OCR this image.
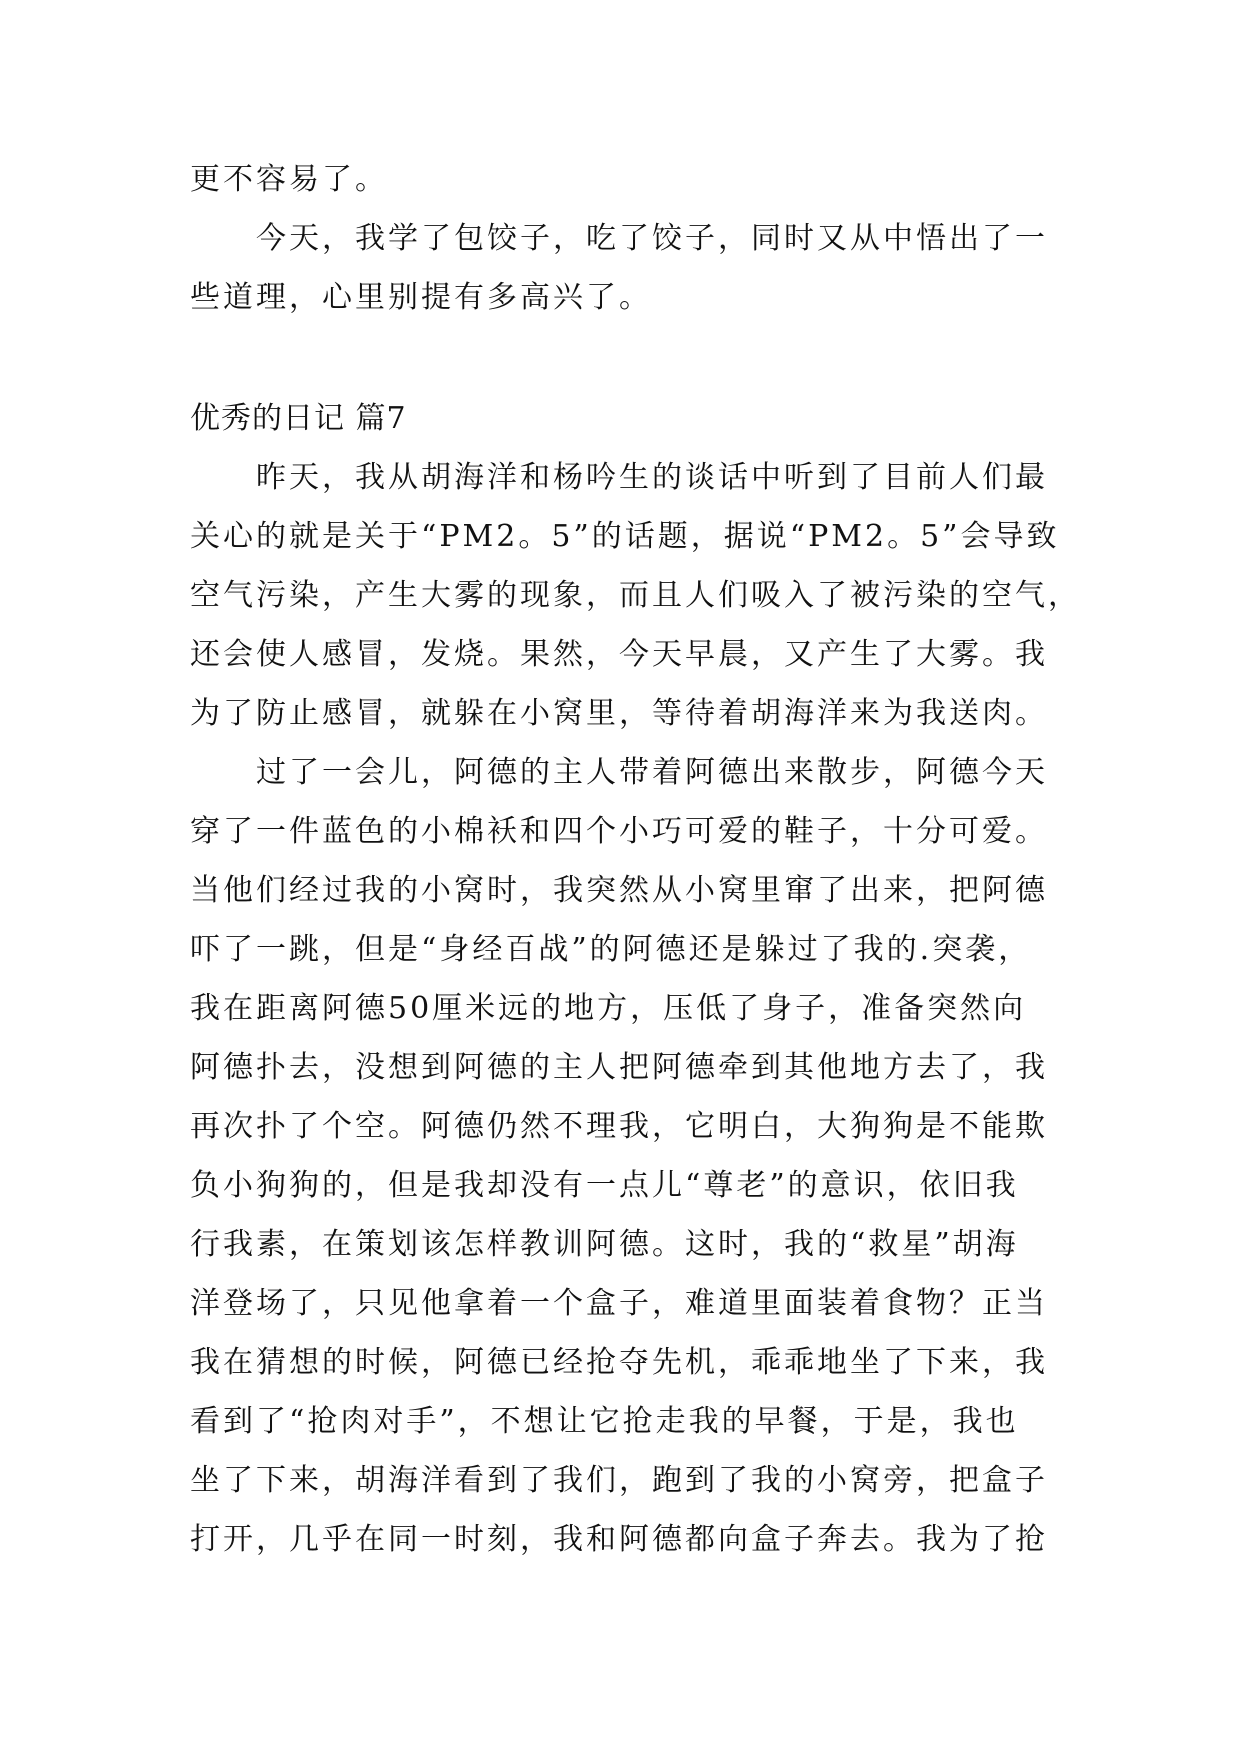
更不容易了。
今天，我学了包饺子，吃了饺子，同时又从中悟出了一
些道理，心里别提有多高兴了。
优秀的日记 篇7
昨天，我从胡海洋和杨吟生的谈话中听到了目前人们最
关心的就是关于“PM2。5”的话题，据说“PM2。5”会导致
空气污染，产生大雾的现象，而且人们吸入了被污染的空气，
还会使人感冒，发烧。果然，今天早晨，又产生了大雾。我
为了防止感冒，就躲在小窝里，等待着胡海洋来为我送肉。
过了一会儿，阿德的主人带着阿德出来散步，阿德今天
穿了一件蓝色的小棉袄和四个小巧可爱的鞋子，十分可爱。
当他们经过我的小窝时，我突然从小窝里窜了出来，把阿德
吓了一跳，但是“身经百战”的阿德还是躲过了我的.突袭，
我在距离阿德50厘米远的地方，压低了身子，准备突然向
阿德扑去，没想到阿德的主人把阿德牵到其他地方去了，我
再次扑了个空。阿德仍然不理我，它明白，大狗狗是不能欺
负小狗狗的，但是我却没有一点儿“尊老”的意识，依旧我
行我素，在策划该怎样教训阿德。这时，我的“救星”胡海
洋登场了，只见他拿着一个盒子，难道里面装着食物？正当
我在猜想的时候，阿德已经抢夺先机，乖乖地坐了下来，我
看到了“抢肉对手”，不想让它抢走我的早餐，于是，我也
坐了下来，胡海洋看到了我们，跑到了我的小窝旁，把盒子
打开，几乎在同一时刻，我和阿德都向盒子奔去。我为了抢
